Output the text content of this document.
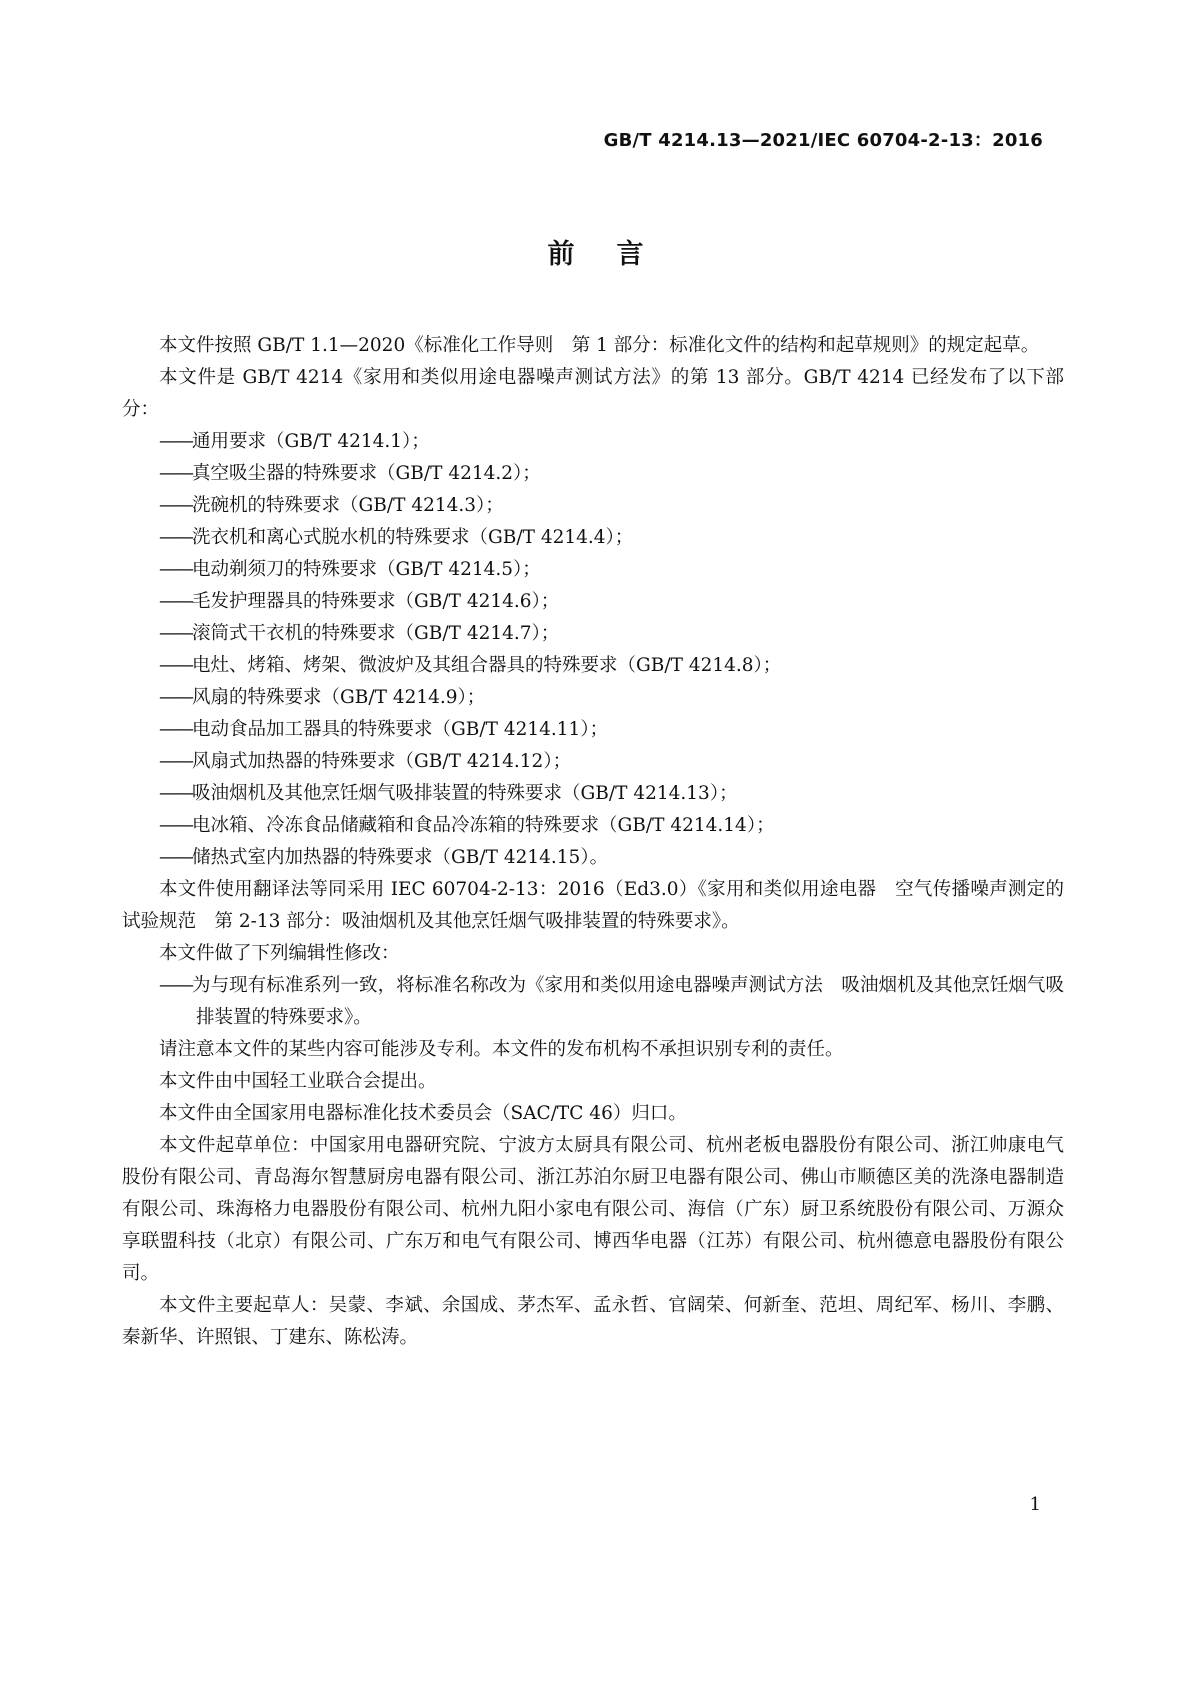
GB/T 4214.13—2021/IEC 60704-2-13：2016
前言

本文件按照 GB/T 1.1—2020《标准化工作导则　第 1 部分：标准化文件的结构和起草规则》的规定起草。

本文件是 GB/T 4214《家用和类似用途电器噪声测试方法》的第 13 部分。GB/T 4214 已经发布了以下部分：

——通用要求（GB/T 4214.1）；

——真空吸尘器的特殊要求（GB/T 4214.2）；

——洗碗机的特殊要求（GB/T 4214.3）；

——洗衣机和离心式脱水机的特殊要求（GB/T 4214.4）；

——电动剃须刀的特殊要求（GB/T 4214.5）；

——毛发护理器具的特殊要求（GB/T 4214.6）；

——滚筒式干衣机的特殊要求（GB/T 4214.7）；

——电灶、烤箱、烤架、微波炉及其组合器具的特殊要求（GB/T 4214.8）；

——风扇的特殊要求（GB/T 4214.9）；

——电动食品加工器具的特殊要求（GB/T 4214.11）；

——风扇式加热器的特殊要求（GB/T 4214.12）；

——吸油烟机及其他烹饪烟气吸排装置的特殊要求（GB/T 4214.13）；

——电冰箱、冷冻食品储藏箱和食品冷冻箱的特殊要求（GB/T 4214.14）；

——储热式室内加热器的特殊要求（GB/T 4214.15）。

本文件使用翻译法等同采用 IEC 60704-2-13：2016（Ed3.0）《家用和类似用途电器　空气传播噪声测定的试验规范　第 2-13 部分：吸油烟机及其他烹饪烟气吸排装置的特殊要求》。

本文件做了下列编辑性修改：

——为与现有标准系列一致，将标准名称改为《家用和类似用途电器噪声测试方法　吸油烟机及其他烹饪烟气吸排装置的特殊要求》。

请注意本文件的某些内容可能涉及专利。本文件的发布机构不承担识别专利的责任。

本文件由中国轻工业联合会提出。

本文件由全国家用电器标准化技术委员会（SAC/TC 46）归口。

本文件起草单位：中国家用电器研究院、宁波方太厨具有限公司、杭州老板电器股份有限公司、浙江帅康电气股份有限公司、青岛海尔智慧厨房电器有限公司、浙江苏泊尔厨卫电器有限公司、佛山市顺德区美的洗涤电器制造有限公司、珠海格力电器股份有限公司、杭州九阳小家电有限公司、海信（广东）厨卫系统股份有限公司、万源众享联盟科技（北京）有限公司、广东万和电气有限公司、博西华电器（江苏）有限公司、杭州德意电器股份有限公司。

本文件主要起草人：吴蒙、李斌、余国成、茅杰军、孟永哲、官阔荣、何新奎、范坦、周纪军、杨川、李鹏、秦新华、许照银、丁建东、陈松涛。

1
